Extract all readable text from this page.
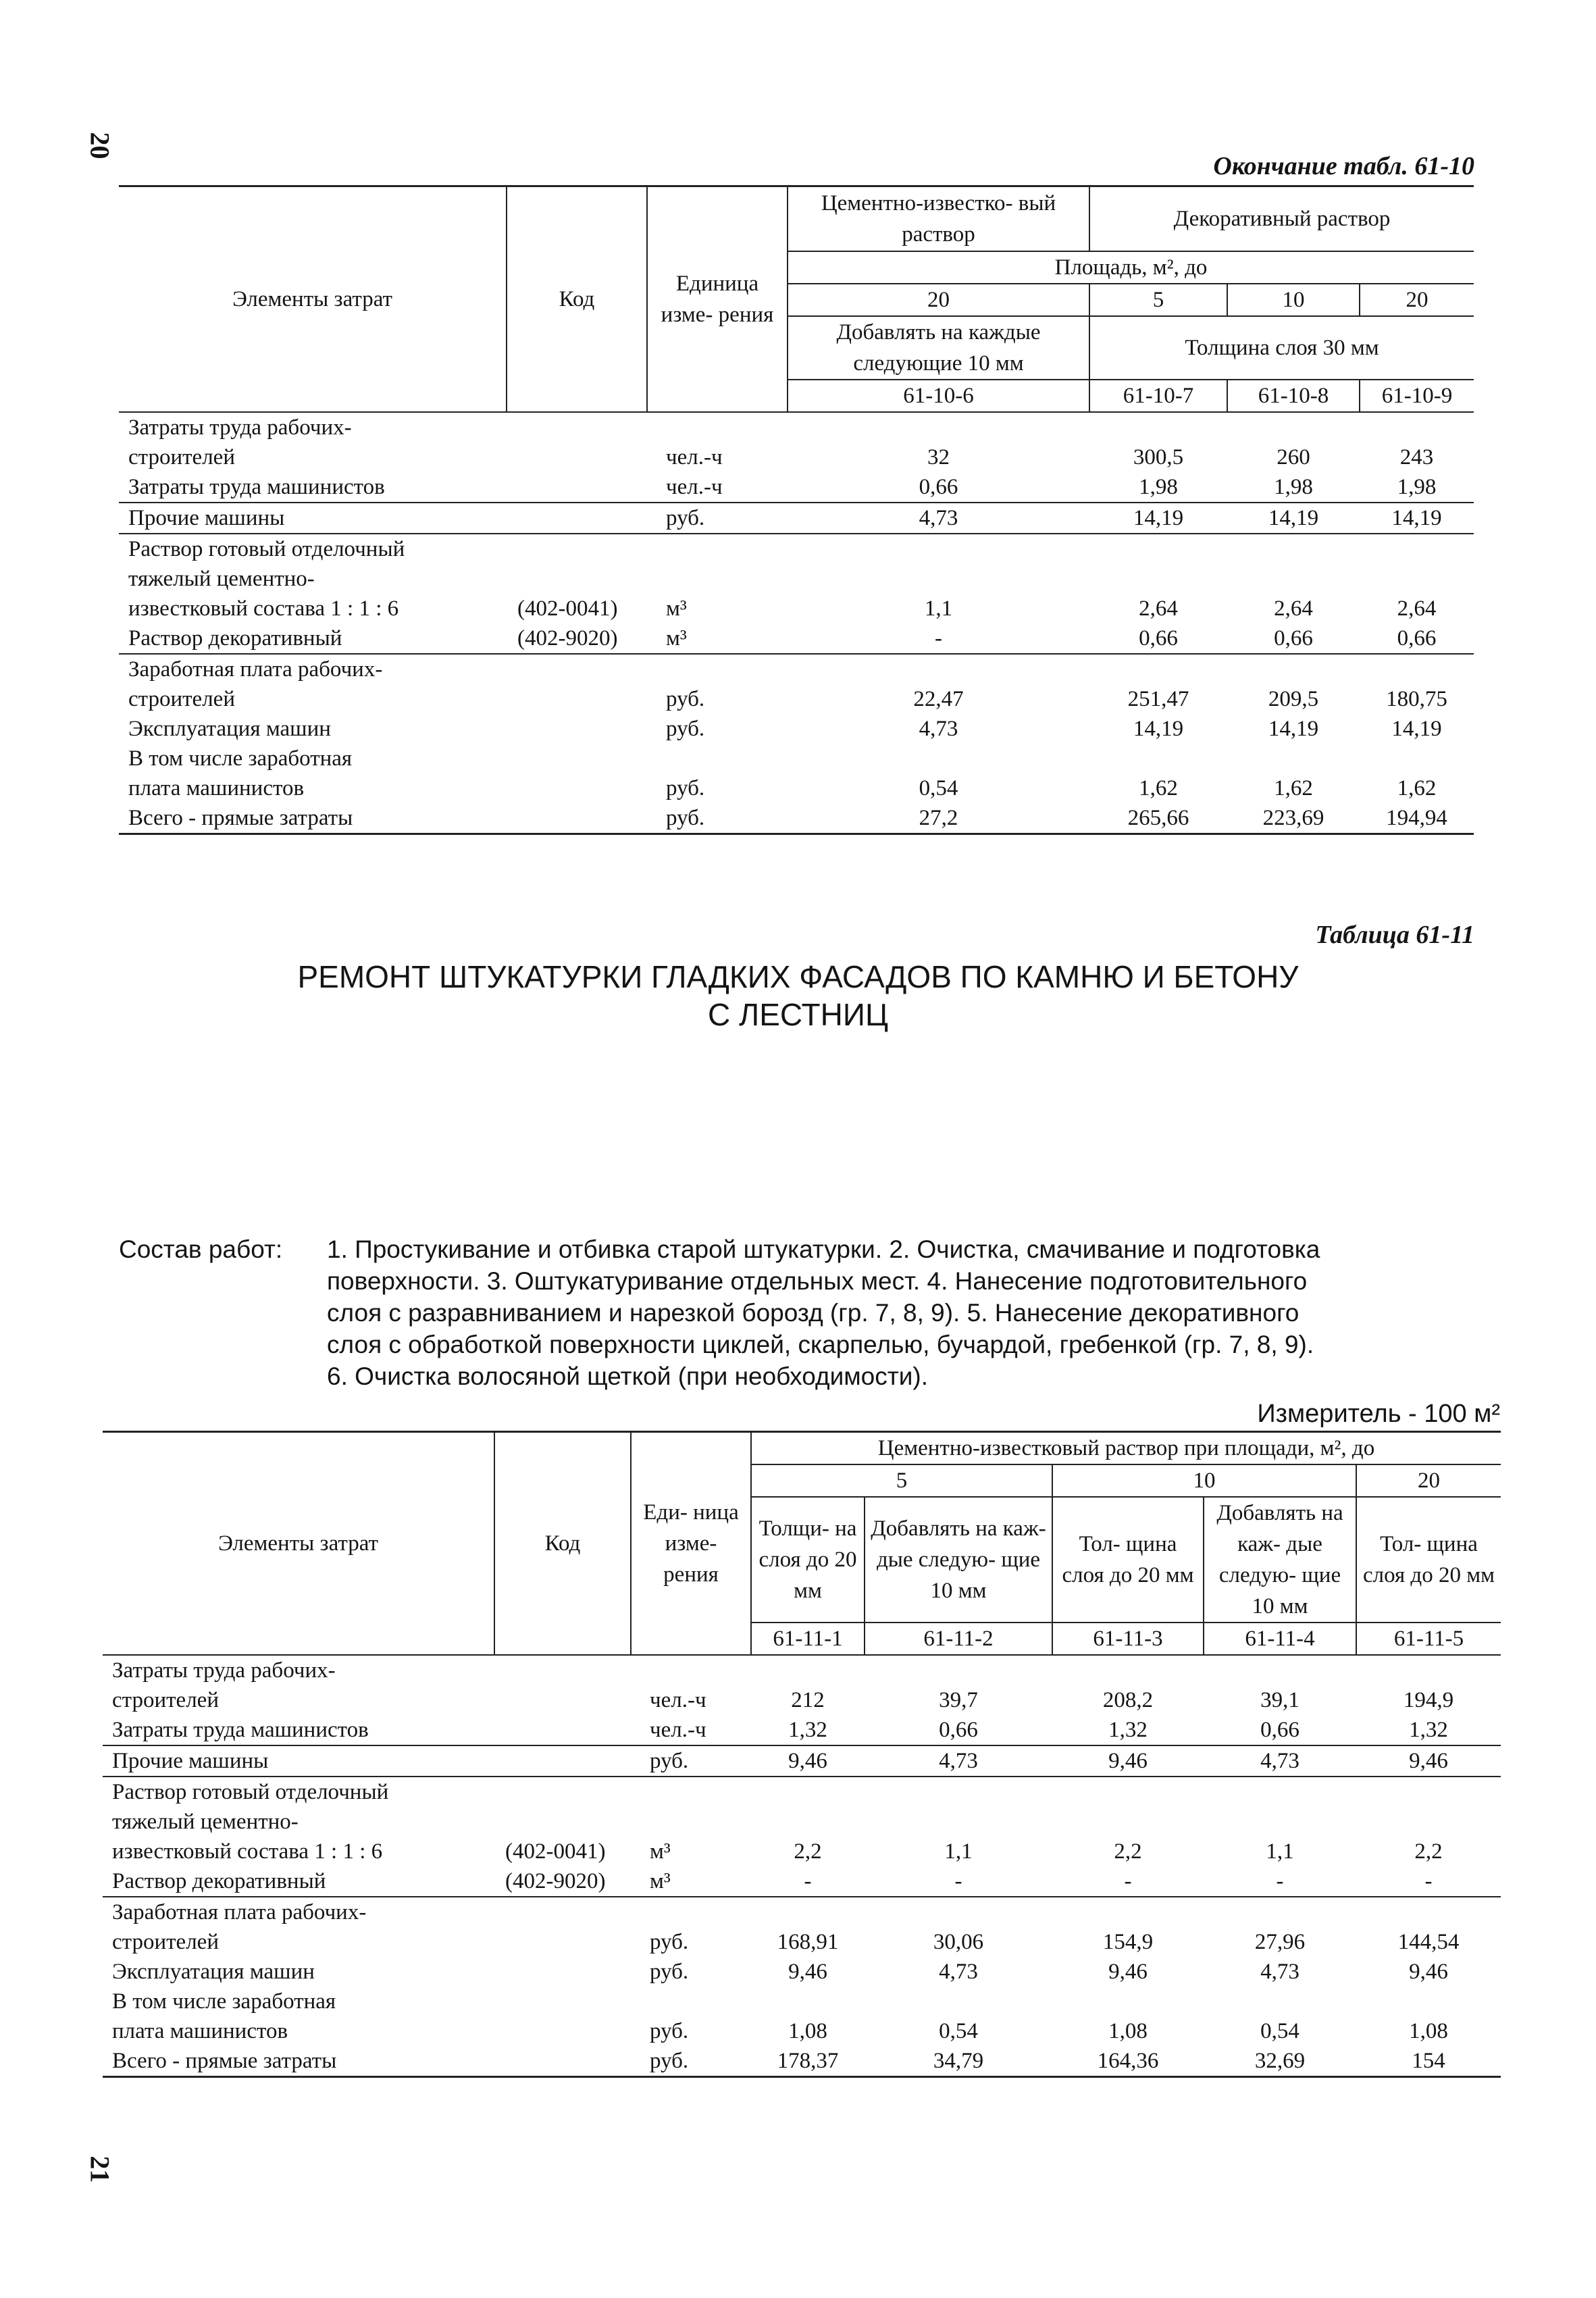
20
21
Окончание табл. 61-10
Элементы затрат	Код	Единица изме- рения	Цементно-известко- вый раствор	Декоративный раствор		
			Площадь, м², до			
			20	5	10	20
			Добавлять на каждые следующие 10 мм	Толщина слоя 30 мм		
			61-10-6	61-10-7	61-10-8	61-10-9
Затраты труда рабочих-						
строителей		чел.-ч	32	300,5	260	243
Затраты труда машинистов		чел.-ч	0,66	1,98	1,98	1,98
Прочие машины		руб.	4,73	14,19	14,19	14,19
Раствор готовый отделочный						
тяжелый цементно-						
известковый состава 1 : 1 : 6	(402-0041)	м³	1,1	2,64	2,64	2,64
Раствор декоративный	(402-9020)	м³	-	0,66	0,66	0,66
Заработная плата рабочих-						
строителей		руб.	22,47	251,47	209,5	180,75
Эксплуатация машин		руб.	4,73	14,19	14,19	14,19
В том числе заработная						
плата машинистов		руб.	0,54	1,62	1,62	1,62
Всего - прямые затраты		руб.	27,2	265,66	223,69	194,94
Таблица 61-11
РЕМОНТ ШТУКАТУРКИ ГЛАДКИХ ФАСАДОВ ПО КАМНЮ И БЕТОНУ
С ЛЕСТНИЦ
Состав работ: 1. Простукивание и отбивка старой штукатурки. 2. Очистка, смачивание и подготовка
поверхности. 3. Оштукатуривание отдельных мест. 4. Нанесение подготовительного
слоя с разравниванием и нарезкой борозд (гр. 7, 8, 9). 5. Нанесение декоративного
слоя с обработкой поверхности циклей, скарпелью, бучардой, гребенкой (гр. 7, 8, 9).
6. Очистка волосяной щеткой (при необходимости).
Измеритель - 100 м²
Элементы затрат	Код	Еди- ница изме- рения	Цементно-известковый раствор при площади, м², до				
			5		10		20
			Толщи- на слоя до 20 мм	Добавлять на каж- дые следую- щие 10 мм	Тол- щина слоя до 20 мм	Добавлять на каж- дые следую- щие 10 мм	Тол- щина слоя до 20 мм
			61-11-1	61-11-2	61-11-3	61-11-4	61-11-5
Затраты труда рабочих-							
строителей		чел.-ч	212	39,7	208,2	39,1	194,9
Затраты труда машинистов		чел.-ч	1,32	0,66	1,32	0,66	1,32
Прочие машины		руб.	9,46	4,73	9,46	4,73	9,46
Раствор готовый отделочный							
тяжелый цементно-							
известковый состава 1 : 1 : 6	(402-0041)	м³	2,2	1,1	2,2	1,1	2,2
Раствор декоративный	(402-9020)	м³	-	-	-	-	-
Заработная плата рабочих-							
строителей		руб.	168,91	30,06	154,9	27,96	144,54
Эксплуатация машин		руб.	9,46	4,73	9,46	4,73	9,46
В том числе заработная							
плата машинистов		руб.	1,08	0,54	1,08	0,54	1,08
Всего - прямые затраты		руб.	178,37	34,79	164,36	32,69	154
